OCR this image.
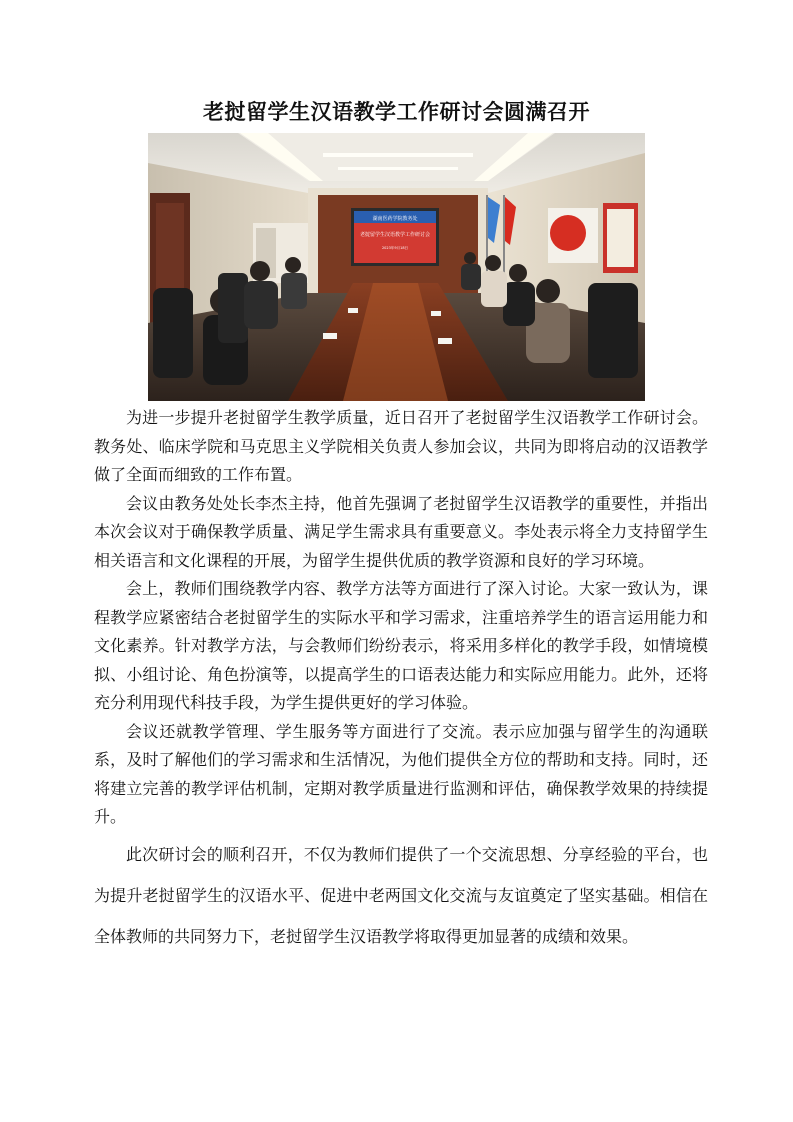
老挝留学生汉语教学工作研讨会圆满召开
湖南医药学院教务处
老挝留学生汉语教学工作研讨会
2023年9月18日

为进一步提升老挝留学生教学质量，近日召开了老挝留学生汉语教学工作研讨会。教务处、临床学院和马克思主义学院相关负责人参加会议，共同为即将启动的汉语教学做了全面而细致的工作布置。

会议由教务处处长李杰主持，他首先强调了老挝留学生汉语教学的重要性，并指出本次会议对于确保教学质量、满足学生需求具有重要意义。李处表示将全力支持留学生相关语言和文化课程的开展，为留学生提供优质的教学资源和良好的学习环境。

会上，教师们围绕教学内容、教学方法等方面进行了深入讨论。大家一致认为，课程教学应紧密结合老挝留学生的实际水平和学习需求，注重培养学生的语言运用能力和文化素养。针对教学方法，与会教师们纷纷表示，将采用多样化的教学手段，如情境模拟、小组讨论、角色扮演等，以提高学生的口语表达能力和实际应用能力。此外，还将充分利用现代科技手段，为学生提供更好的学习体验。

会议还就教学管理、学生服务等方面进行了交流。表示应加强与留学生的沟通联系，及时了解他们的学习需求和生活情况，为他们提供全方位的帮助和支持。同时，还将建立完善的教学评估机制，定期对教学质量进行监测和评估，确保教学效果的持续提升。

此次研讨会的顺利召开，不仅为教师们提供了一个交流思想、分享经验的平台，也为提升老挝留学生的汉语水平、促进中老两国文化交流与友谊奠定了坚实基础。相信在全体教师的共同努力下，老挝留学生汉语教学将取得更加显著的成绩和效果。
